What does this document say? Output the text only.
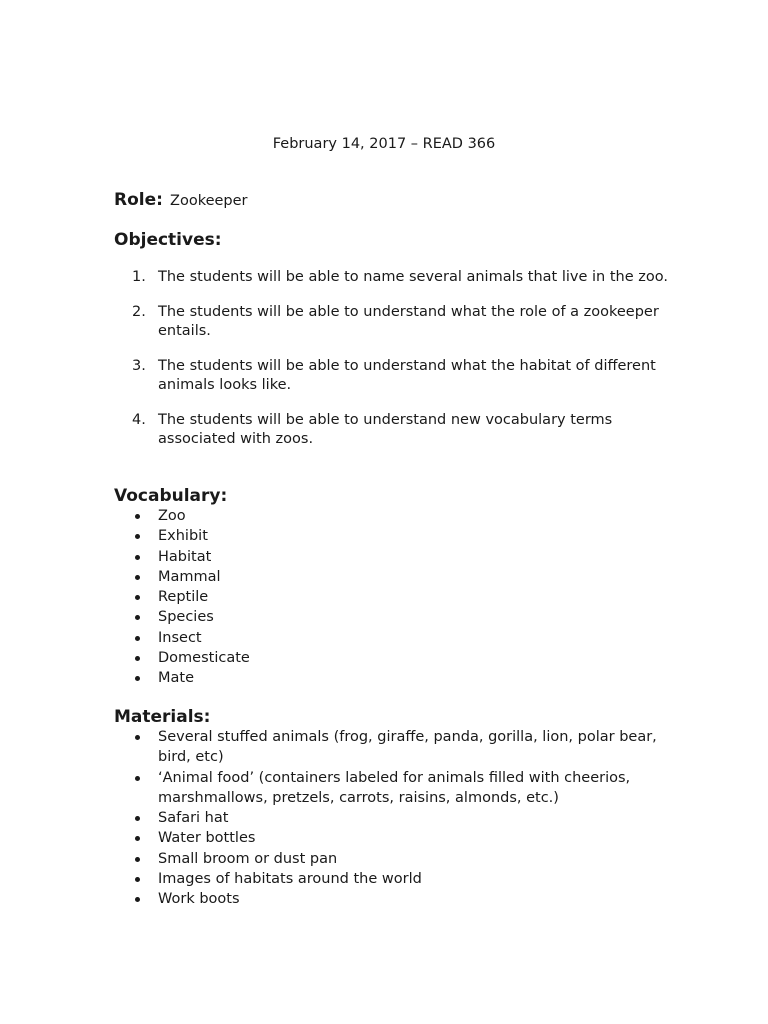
February 14, 2017 – READ 366
Role: Zookeeper
Objectives:
1. The students will be able to name several animals that live in the zoo.
2. The students will be able to understand what the role of a zookeeper entails.
3. The students will be able to understand what the habitat of different animals looks like.
4. The students will be able to understand new vocabulary terms associated with zoos.
Vocabulary:
Zoo
Exhibit
Habitat
Mammal
Reptile
Species
Insect
Domesticate
Mate
Materials:
Several stuffed animals (frog, giraffe, panda, gorilla, lion, polar bear, bird, etc)
‘Animal food’ (containers labeled for animals filled with cheerios, marshmallows, pretzels, carrots, raisins, almonds, etc.)
Safari hat
Water bottles
Small broom or dust pan
Images of habitats around the world
Work boots
